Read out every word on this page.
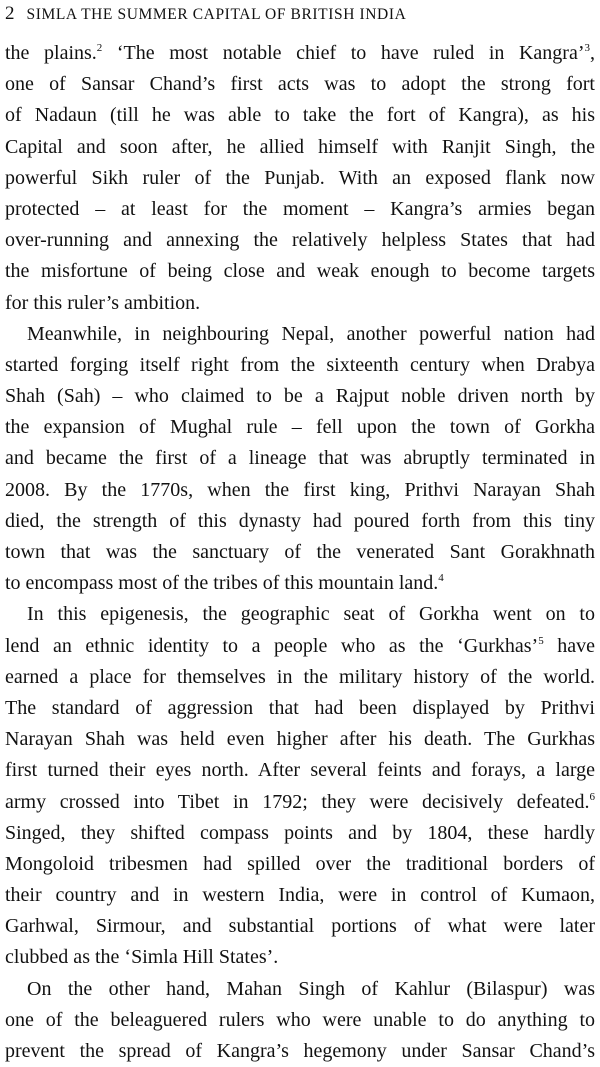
2 SIMLA THE SUMMER CAPITAL OF BRITISH INDIA
the plains.$^2$ ‘The most notable chief to have ruled in Kangra’$^3$,
one of Sansar Chand’s first acts was to adopt the strong fort
of Nadaun (till he was able to take the fort of Kangra), as his
Capital and soon after, he allied himself with Ranjit Singh, the
powerful Sikh ruler of the Punjab. With an exposed flank now
protected – at least for the moment – Kangra’s armies began
over-running and annexing the relatively helpless States that had
the misfortune of being close and weak enough to become targets
for this ruler’s ambition.
Meanwhile, in neighbouring Nepal, another powerful nation had
started forging itself right from the sixteenth century when Drabya
Shah (Sah) – who claimed to be a Rajput noble driven north by
the expansion of Mughal rule – fell upon the town of Gorkha
and became the first of a lineage that was abruptly terminated in
2008. By the 1770s, when the first king, Prithvi Narayan Shah
died, the strength of this dynasty had poured forth from this tiny
town that was the sanctuary of the venerated Sant Gorakhnath
to encompass most of the tribes of this mountain land.$^4$
In this epigenesis, the geographic seat of Gorkha went on to
lend an ethnic identity to a people who as the ‘Gurkhas’$^5$ have
earned a place for themselves in the military history of the world.
The standard of aggression that had been displayed by Prithvi
Narayan Shah was held even higher after his death. The Gurkhas
first turned their eyes north. After several feints and forays, a large
army crossed into Tibet in 1792; they were decisively defeated.$^6$
Singed, they shifted compass points and by 1804, these hardly
Mongoloid tribesmen had spilled over the traditional borders of
their country and in western India, were in control of Kumaon,
Garhwal, Sirmour, and substantial portions of what were later
clubbed as the ‘Simla Hill States’.
On the other hand, Mahan Singh of Kahlur (Bilaspur) was
one of the beleaguered rulers who were unable to do anything to
prevent the spread of Kangra’s hegemony under Sansar Chand’s
